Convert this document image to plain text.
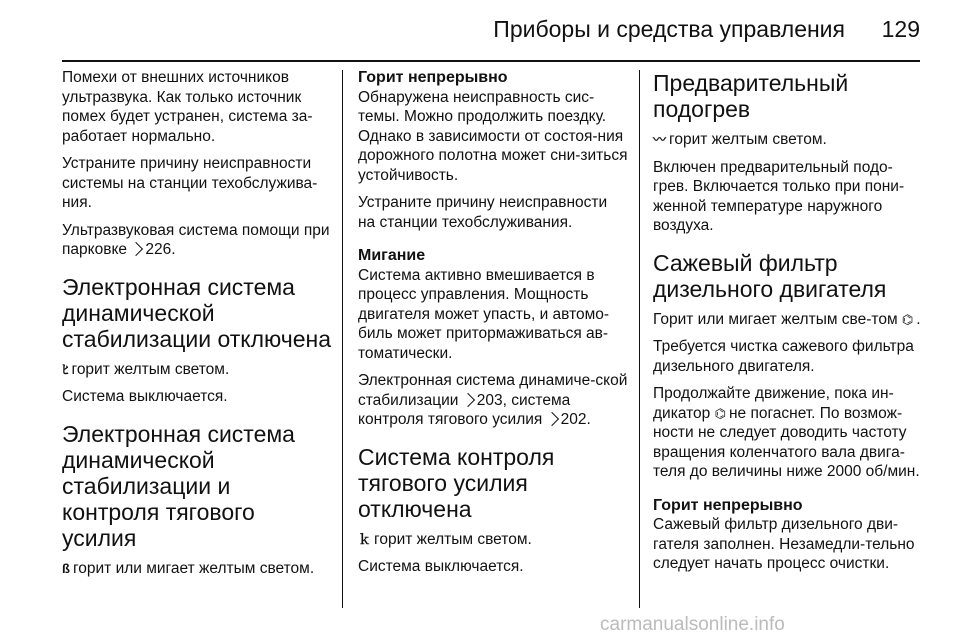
Приборы и средства управления 129

Помехи от внешних источников ультразвука. Как только источник помех будет устранен, система за-работает нормально.

Устраните причину неисправности системы на станции техобслужива-ния.

Ультразвуковая система помощи при парковке 226.

Электронная система динамической стабилизации отключена

ﾋ горит желтым светом.

Система выключается.

Электронная система динамической стабилизации и контроля тягового усилия

ß горит или мигает желтым светом.

Горит непрерывно

Обнаружена неисправность сис-темы. Можно продолжить поездку. Однако в зависимости от состоя-ния дорожного полотна может сни-зиться устойчивость.

Устраните причину неисправности на станции техобслуживания.

Мигание

Система активно вмешивается в процесс управления. Мощность двигателя может упасть, и автомо-биль может притормаживаться ав-томатически.

Электронная система динамиче-ской стабилизации 203, система контроля тягового усилия 202.

Система контроля тягового усилия отключена

ｋ горит желтым светом.

Система выключается.

Предварительный подогрев

〰 горит желтым светом.

Включен предварительный подо-грев. Включается только при пони-женной температуре наружного воздуха.

Сажевый фильтр дизельного двигателя

Горит или мигает желтым све-том ⌬ .

Требуется чистка сажевого фильтра дизельного двигателя.

Продолжайте движение, пока ин-дикатор ⌬ не погаснет. По возмож-ности не следует доводить частоту вращения коленчатого вала двига-теля до величины ниже 2000 об/мин.

Горит непрерывно

Сажевый фильтр дизельного дви-гателя заполнен. Незамедли-тельно следует начать процесс очистки.

carmanualsonline.info
